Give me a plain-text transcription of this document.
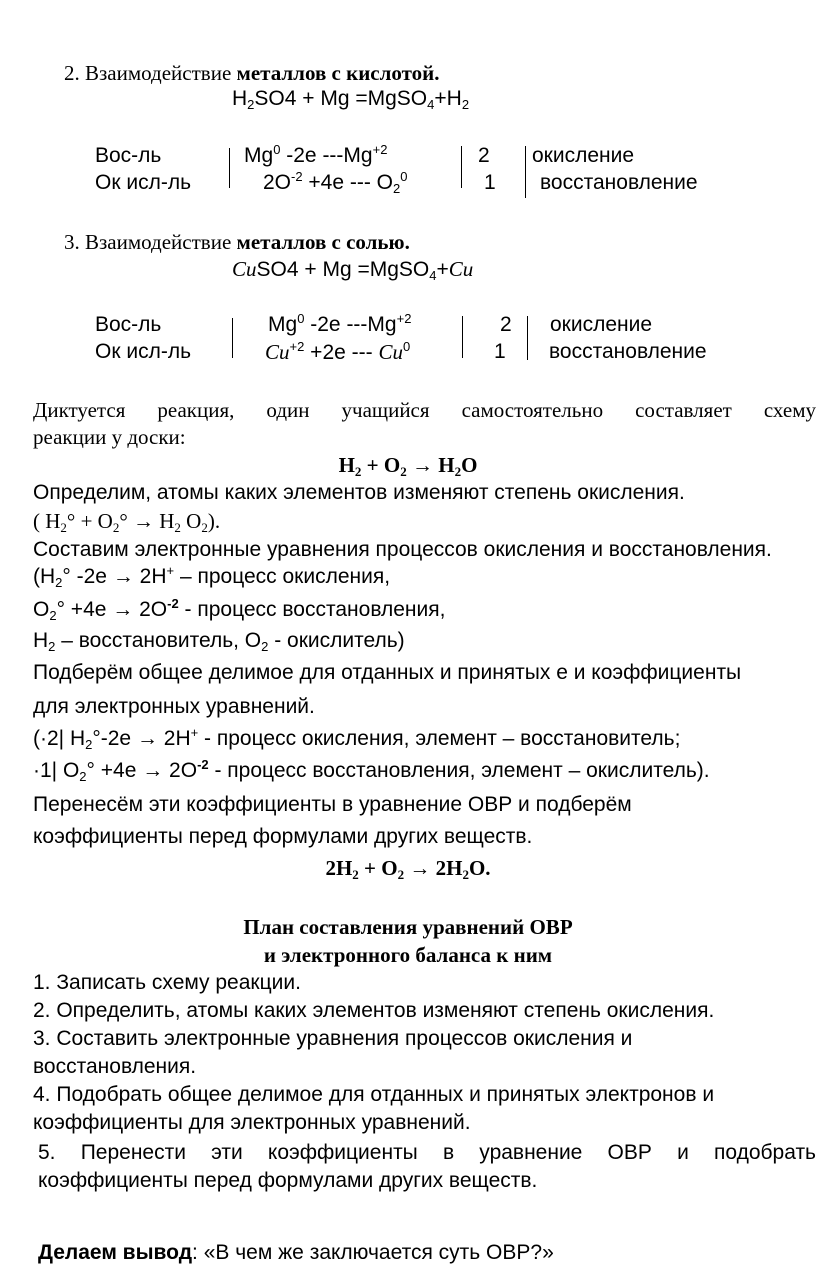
2. Взаимодействие металлов с кислотой.
$H_2SO4 + Mg$ $=MgSO_4+H_2$
Вос-ль
Ок исл-ль
Mg$^0$ -2e $---Mg^{+2}$
$2O^{-2} +4e$ --- $O_2^0$
2
1
окисление
восстановление
3. Взаимодействие металлов с солью.
CuSO4 + Mg =MgSO$_4$+Cu
Вос-ль
Ок исл-ль
Mg$^0$ -2e $---Mg^{+2}$
$Cu^{+2} +2e$ --- Cu$^0$
2
1
окисление
восстановление
Диктуется реакция, один учащийся самостоятельно составляет схему
реакции у доски:
$H_2 + O_2 \to H_2O$
Определим, атомы каких элементов изменяют степень окисления.
( $H_2^\circ + O_2^\circ \to H_2$ $O_2$).
Составим электронные уравнения процессов окисления и восстановления.
($H_2^\circ$ -2e → 2H+ – процесс окисления,
$O_2^\circ +4e \to 2O^{-2}$ - процесс восстановления,
$H_2$ – восстановитель, $O_2$ - окислитель)
Подберём общее делимое для отданных и принятых е и коэффициенты
для электронных уравнений.
(·2| $H_2^\circ-2e \to 2H^+$ - процесс окисления, элемент – восстановитель;
·1| $O_2^\circ +4e \to 2O^{-2}$ - процесс восстановления, элемент – окислитель).
Перенесём эти коэффициенты в уравнение ОВР и подберём
коэффициенты перед формулами других веществ.
$2H_2 + O_2 \to 2H_2O$.
План составления уравнений ОВР
и электронного баланса к ним
1. Записать схему реакции.
2. Определить, атомы каких элементов изменяют степень окисления.
3. Составить электронные уравнения процессов окисления и
восстановления.
4. Подобрать общее делимое для отданных и принятых электронов и
коэффициенты для электронных уравнений.
5. Перенести эти коэффициенты в уравнение ОВР и подобрать
коэффициенты перед формулами других веществ.
Делаем вывод: «В чем же заключается суть ОВР?»
